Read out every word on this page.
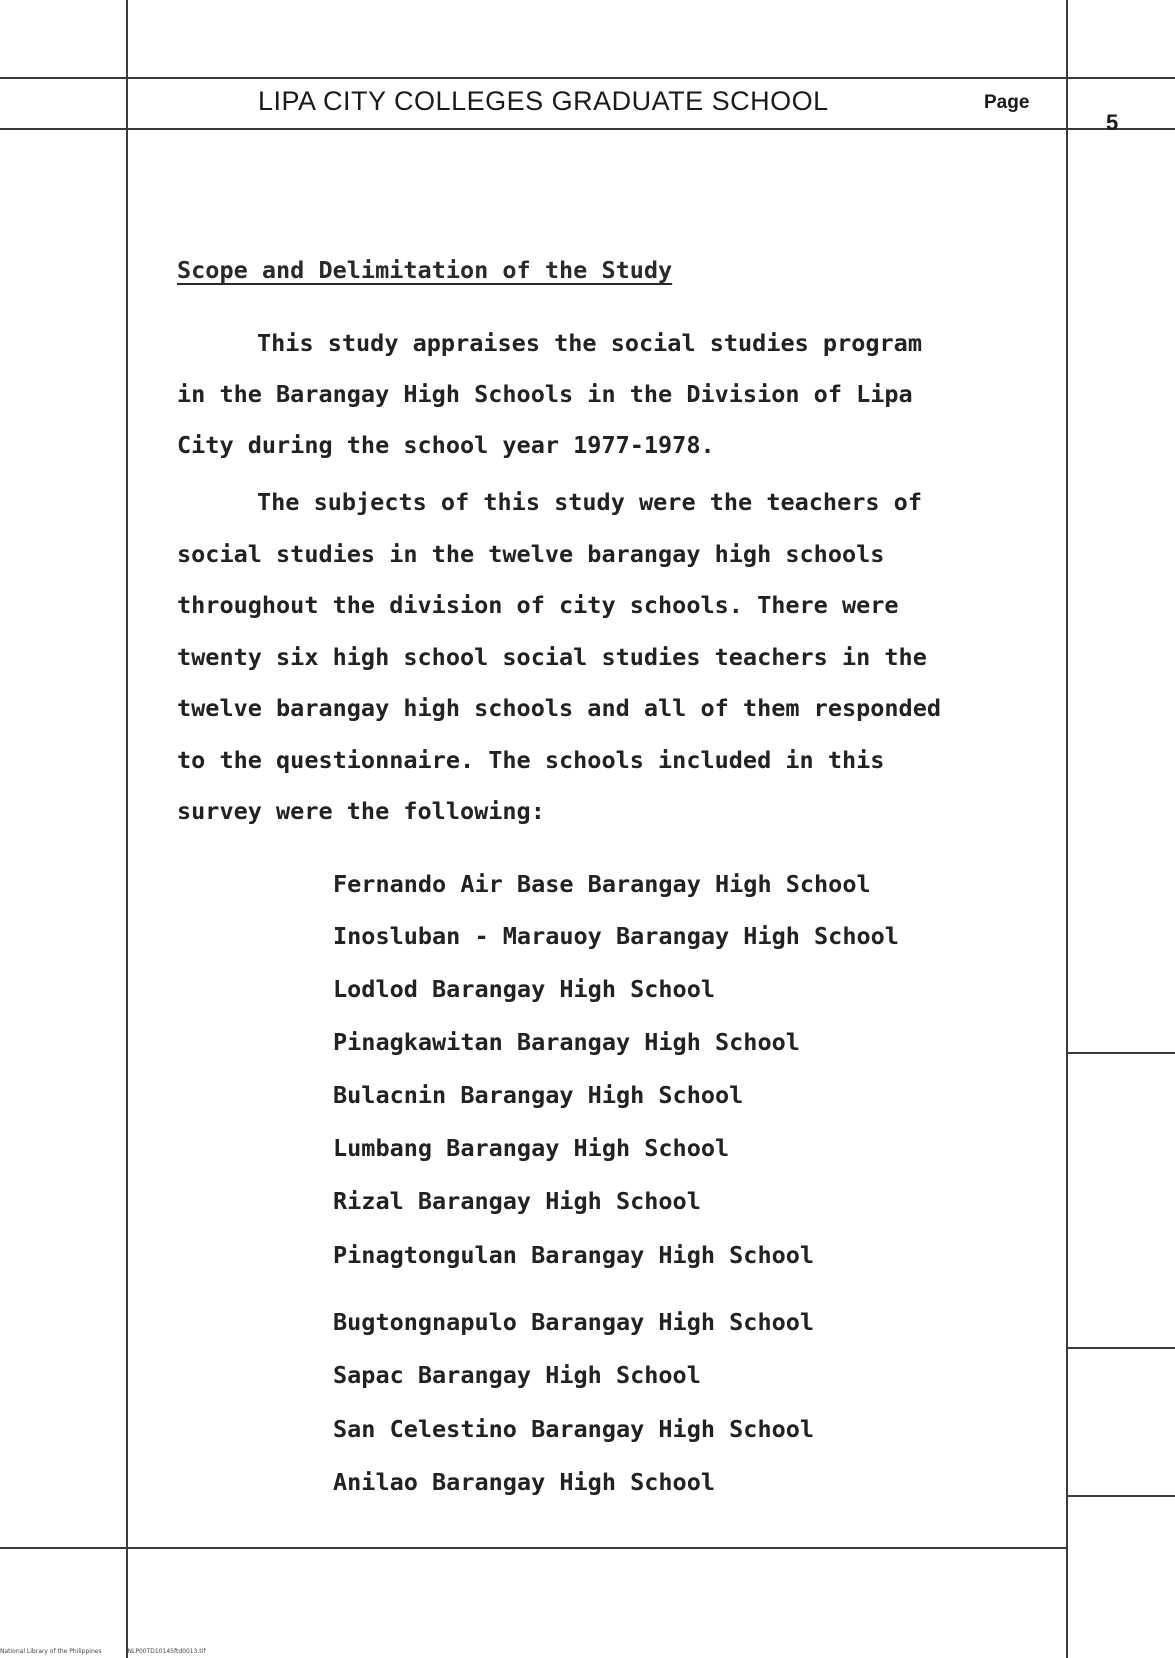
LIPA CITY COLLEGES GRADUATE SCHOOL	Page
5
Scope and Delimitation of the Study
This study appraises the social studies program
in the Barangay High Schools in the Division of Lipa
City during the school year 1977-1978.
The subjects of this study were the teachers of
social studies in the twelve barangay high schools
throughout the division of city schools. There were
twenty six high school social studies teachers in the
twelve barangay high schools and all of them responded
to the questionnaire. The schools included in this
survey were the following:
Fernando Air Base Barangay High School
Inosluban - Marauoy Barangay High School
Lodlod Barangay High School
Pinagkawitan Barangay High School
Bulacnin Barangay High School
Lumbang Barangay High School
Rizal Barangay High School
Pinagtongulan Barangay High School
Bugtongnapulo Barangay High School
Sapac Barangay High School
San Celestino Barangay High School
Anilao Barangay High School
National Library of the Philippines	NLP00TD10145ftd0013.tif
